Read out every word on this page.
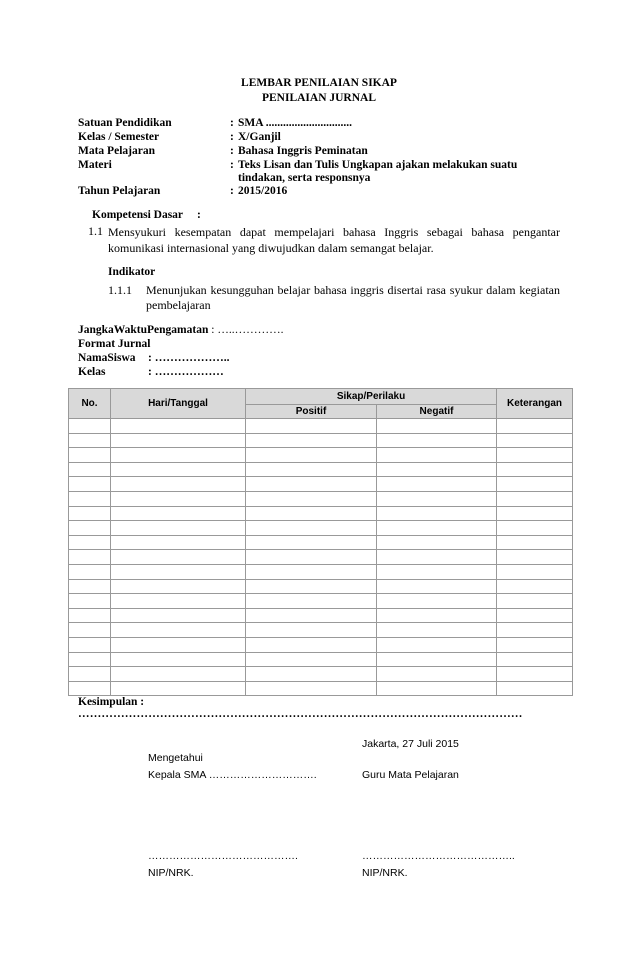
LEMBAR PENILAIAN SIKAP
PENILAIAN JURNAL
Satuan Pendidikan	: SMA ..............................
Kelas / Semester	: X/Ganjil
Mata Pelajaran	: Bahasa Inggris Peminatan
Materi	: Teks Lisan dan Tulis Ungkapan ajakan melakukan suatu
tindakan, serta responsnya
Tahun Pelajaran	: 2015/2016
Kompetensi Dasar :
1.1 Mensyukuri kesempatan dapat mempelajari bahasa Inggris sebagai bahasa pengantar komunikasi internasional yang diwujudkan dalam semangat belajar.
Indikator
1.1.1	Menunjukan kesungguhan belajar bahasa inggris disertai rasa syukur dalam kegiatan pembelajaran
JangkaWaktuPengamatan : …..………….
Format Jurnal
NamaSiswa : ………………..
Kelas	: ………………
No.	Hari/Tanggal	Sikap/Perilaku		Keterangan
		Positif	Negatif	

Kesimpulan :
……………………………………………………………………………………………………
Jakarta, 27 Juli 2015
Mengetahui
Kepala SMA ………………………….	Guru Mata Pelajaran
…………………………………….	……………………………………..
NIP/NRK.	NIP/NRK.
